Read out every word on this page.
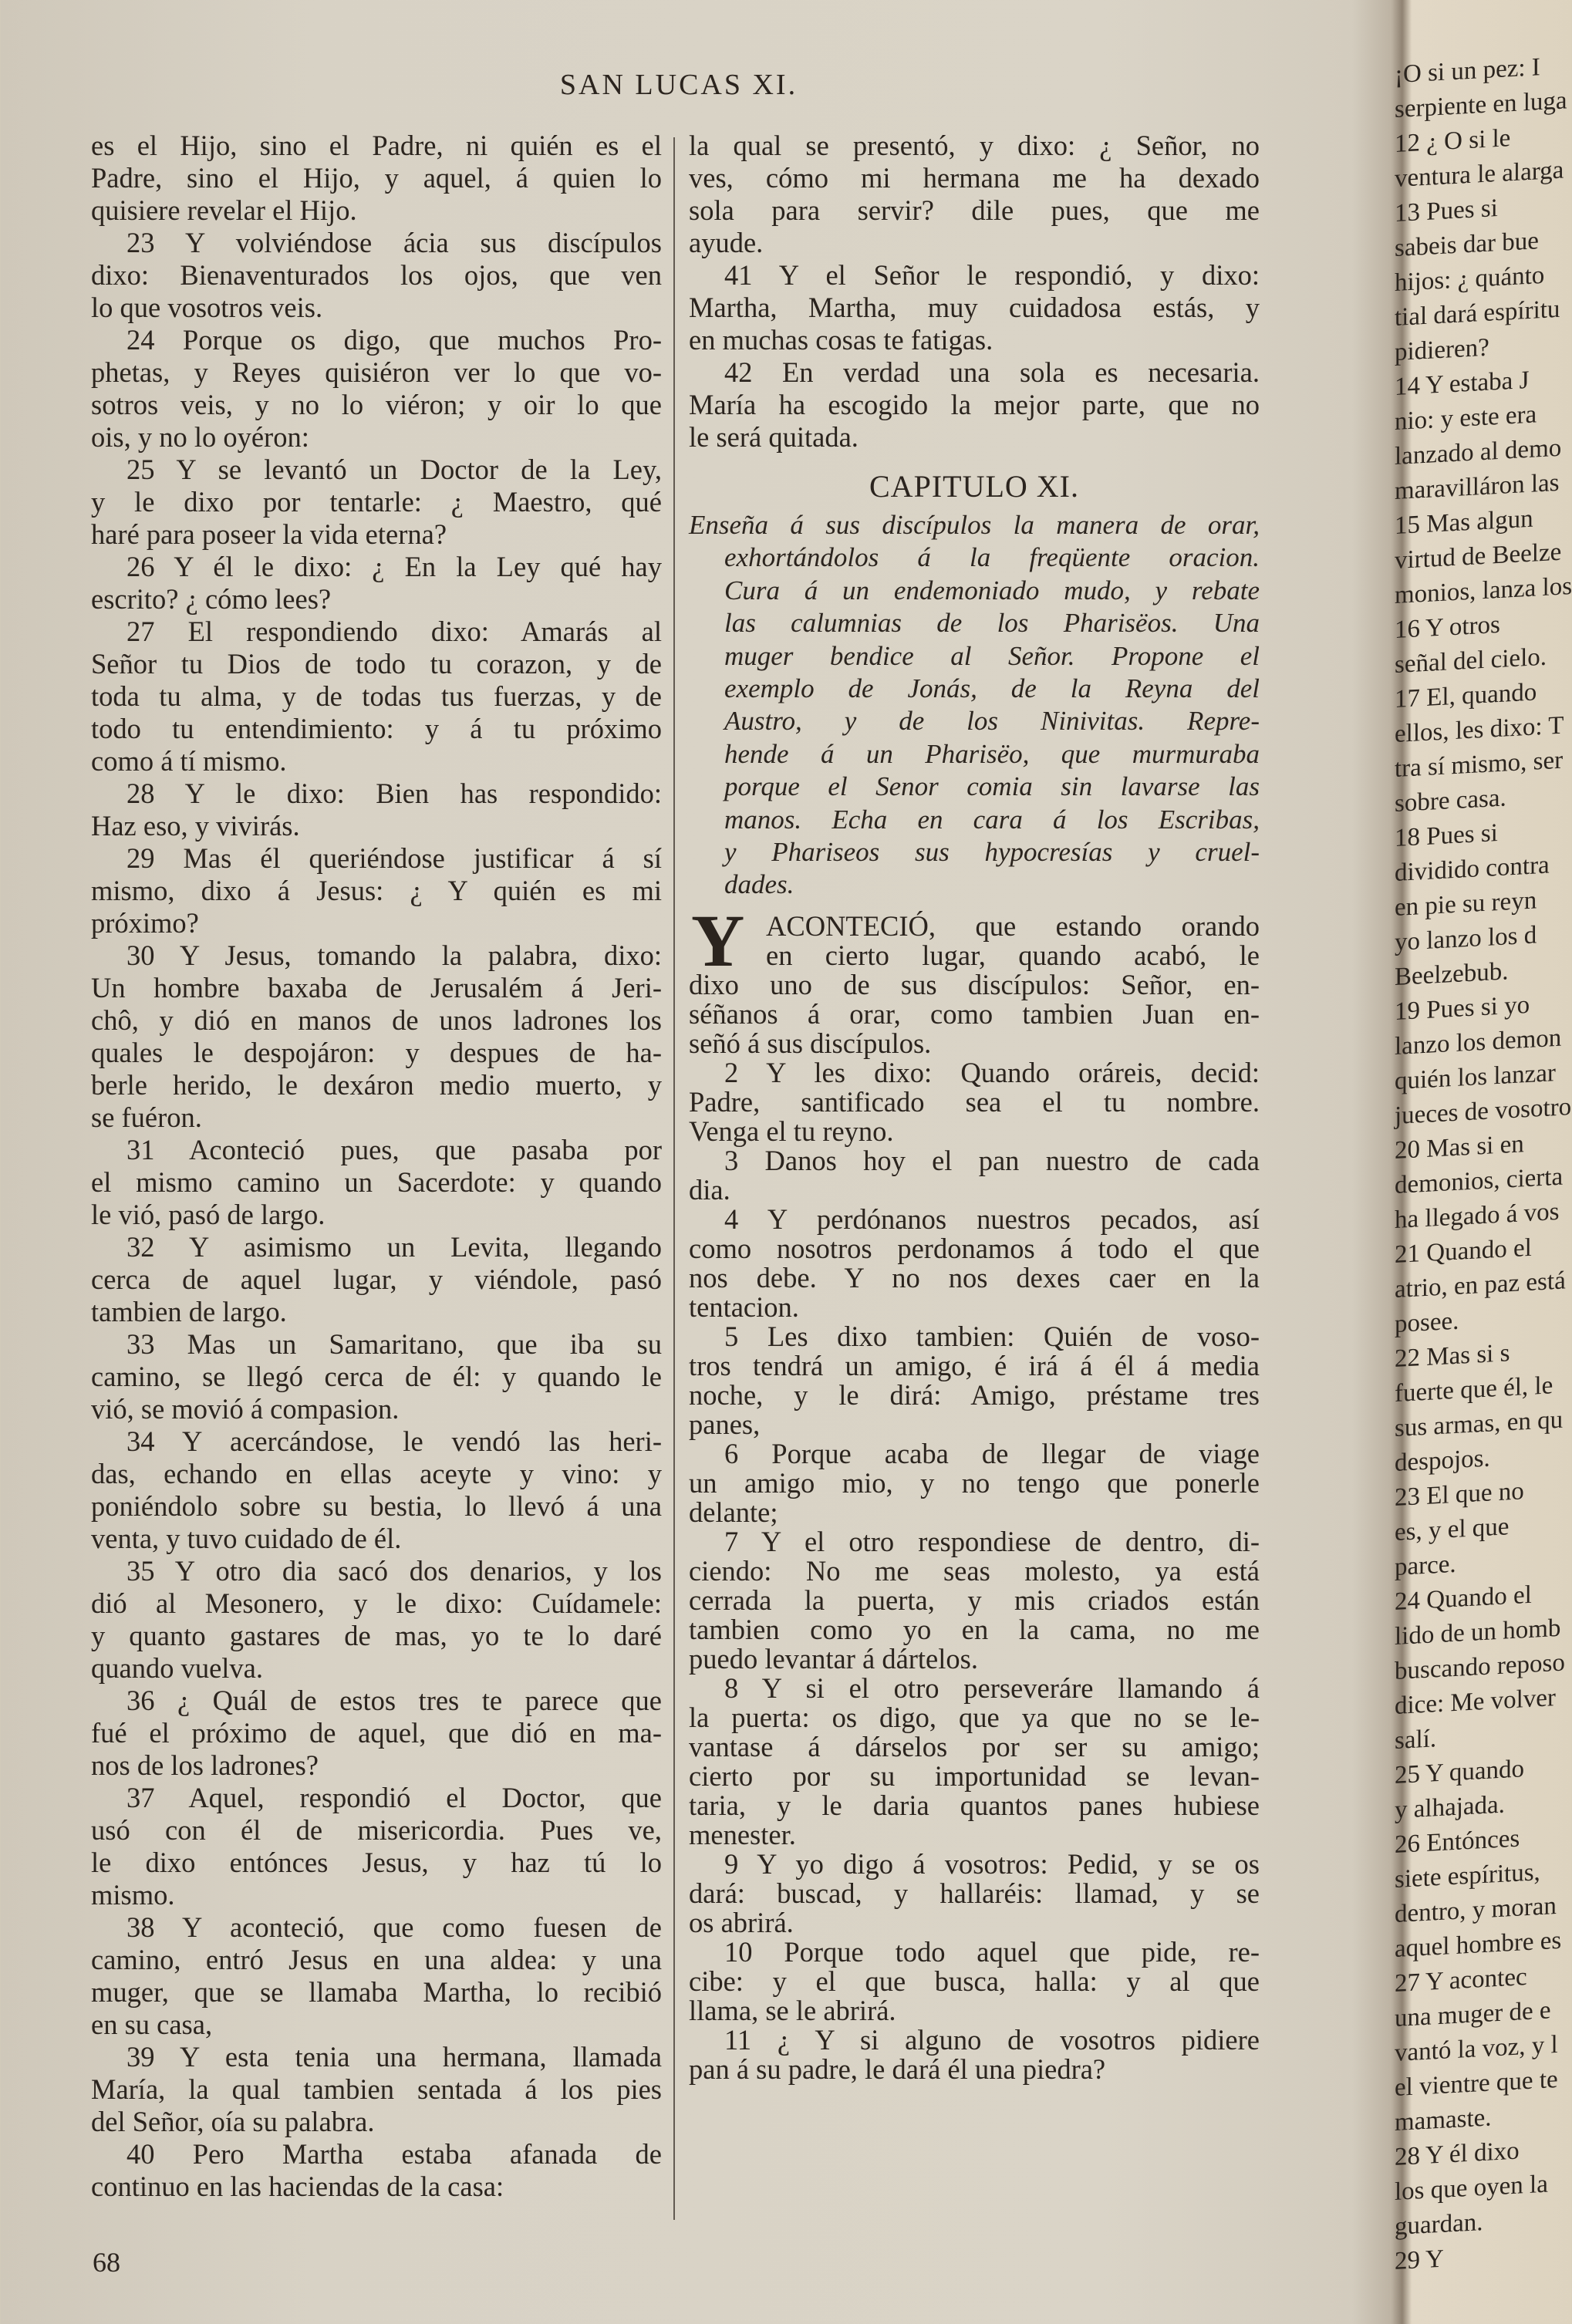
SAN LUCAS XI.
es el Hijo, sino el Padre, ni quién es el
Padre, sino el Hijo, y aquel, á quien lo
quisiere revelar el Hijo.
23 Y volviéndose ácia sus discípulos
dixo: Bienaventurados los ojos, que ven
lo que vosotros veis.
24 Porque os digo, que muchos Pro-
phetas, y Reyes quisiéron ver lo que vo-
sotros veis, y no lo viéron; y oir lo que
ois, y no lo oyéron:
25 Y se levantó un Doctor de la Ley,
y le dixo por tentarle: ¿ Maestro, qué
haré para poseer la vida eterna?
26 Y él le dixo: ¿ En la Ley qué hay
escrito? ¿ cómo lees?
27 El respondiendo dixo: Amarás al
Señor tu Dios de todo tu corazon, y de
toda tu alma, y de todas tus fuerzas, y de
todo tu entendimiento: y á tu próximo
como á tí mismo.
28 Y le dixo: Bien has respondido:
Haz eso, y vivirás.
29 Mas él queriéndose justificar á sí
mismo, dixo á Jesus: ¿ Y quién es mi
próximo?
30 Y Jesus, tomando la palabra, dixo:
Un hombre baxaba de Jerusalém á Jeri-
chô, y dió en manos de unos ladrones los
quales le despojáron: y despues de ha-
berle herido, le dexáron medio muerto, y
se fuéron.
31 Aconteció pues, que pasaba por
el mismo camino un Sacerdote: y quando
le vió, pasó de largo.
32 Y asimismo un Levita, llegando
cerca de aquel lugar, y viéndole, pasó
tambien de largo.
33 Mas un Samaritano, que iba su
camino, se llegó cerca de él: y quando le
vió, se movió á compasion.
34 Y acercándose, le vendó las heri-
das, echando en ellas aceyte y vino: y
poniéndolo sobre su bestia, lo llevó á una
venta, y tuvo cuidado de él.
35 Y otro dia sacó dos denarios, y los
dió al Mesonero, y le dixo: Cuídamele:
y quanto gastares de mas, yo te lo daré
quando vuelva.
36 ¿ Quál de estos tres te parece que
fué el próximo de aquel, que dió en ma-
nos de los ladrones?
37 Aquel, respondió el Doctor, que
usó con él de misericordia. Pues ve,
le dixo entónces Jesus, y haz tú lo
mismo.
38 Y aconteció, que como fuesen de
camino, entró Jesus en una aldea: y una
muger, que se llamaba Martha, lo recibió
en su casa,
39 Y esta tenia una hermana, llamada
María, la qual tambien sentada á los pies
del Señor, oía su palabra.
40 Pero Martha estaba afanada de
continuo en las haciendas de la casa:
la qual se presentó, y dixo: ¿ Señor, no
ves, cómo mi hermana me ha dexado
sola para servir? dile pues, que me
ayude.
41 Y el Señor le respondió, y dixo:
Martha, Martha, muy cuidadosa estás, y
en muchas cosas te fatigas.
42 En verdad una sola es necesaria.
María ha escogido la mejor parte, que no
le será quitada.
CAPITULO XI.
Enseña á sus discípulos la manera de orar,
exhortándolos á la freqüente oracion.
Cura á un endemoniado mudo, y rebate
las calumnias de los Pharisëos. Una
muger bendice al Señor. Propone el
exemplo de Jonás, de la Reyna del
Austro, y de los Ninivitas. Repre-
hende á un Pharisëo, que murmuraba
porque el Senor comia sin lavarse las
manos. Echa en cara á los Escribas,
y Phariseos sus hypocresías y cruel-
dades.
Y ACONTECIÓ, que estando orando
en cierto lugar, quando acabó, le
dixo uno de sus discípulos: Señor, en-
séñanos á orar, como tambien Juan en-
señó á sus discípulos.
2 Y les dixo: Quando oráreis, decid:
Padre, santificado sea el tu nombre.
Venga el tu reyno.
3 Danos hoy el pan nuestro de cada
dia.
4 Y perdónanos nuestros pecados, así
como nosotros perdonamos á todo el que
nos debe. Y no nos dexes caer en la
tentacion.
5 Les dixo tambien: Quién de voso-
tros tendrá un amigo, é irá á él á media
noche, y le dirá: Amigo, préstame tres
panes,
6 Porque acaba de llegar de viage
un amigo mio, y no tengo que ponerle
delante;
7 Y el otro respondiese de dentro, di-
ciendo: No me seas molesto, ya está
cerrada la puerta, y mis criados están
tambien como yo en la cama, no me
puedo levantar á dártelos.
8 Y si el otro perseveráre llamando á
la puerta: os digo, que ya que no se le-
vantase á dárselos por ser su amigo;
cierto por su importunidad se levan-
taria, y le daria quantos panes hubiese
menester.
9 Y yo digo á vosotros: Pedid, y se os
dará: buscad, y hallaréis: llamad, y se
os abrirá.
10 Porque todo aquel que pide, re-
cibe: y el que busca, halla: y al que
llama, se le abrirá.
11 ¿ Y si alguno de vosotros pidiere
pan á su padre, le dará él una piedra?
68
¡O si un pez: I
serpiente en luga
12 ¿ O si le
ventura le alarga
13 Pues si
sabeis dar bue
hijos: ¿ quánto
tial dará espíritu
pidieren?
14 Y estaba J
nio: y este era
lanzado al demo
maravilláron las
15 Mas algun
virtud de Beelze
monios, lanza los
16 Y otros
señal del cielo.
17 El, quando
ellos, les dixo: T
tra sí mismo, ser
sobre casa.
18 Pues si
dividido contra
en pie su reyn
yo lanzo los d
Beelzebub.
19 Pues si yo
lanzo los demon
quién los lanzar
jueces de vosotro
20 Mas si en
demonios, cierta
ha llegado á vos
21 Quando el
atrio, en paz está
posee.
22 Mas si s
fuerte que él, le
sus armas, en qu
despojos.
23 El que no
es, y el que
parce.
24 Quando el
lido de un homb
buscando reposo
dice: Me volver
salí.
25 Y quando
y alhajada.
26 Entónces
siete espíritus,
dentro, y moran
aquel hombre es
27 Y acontec
una muger de e
vantó la voz, y l
el vientre que te
mamaste.
28 Y él dixo
los que oyen la
guardan.
29 Y
